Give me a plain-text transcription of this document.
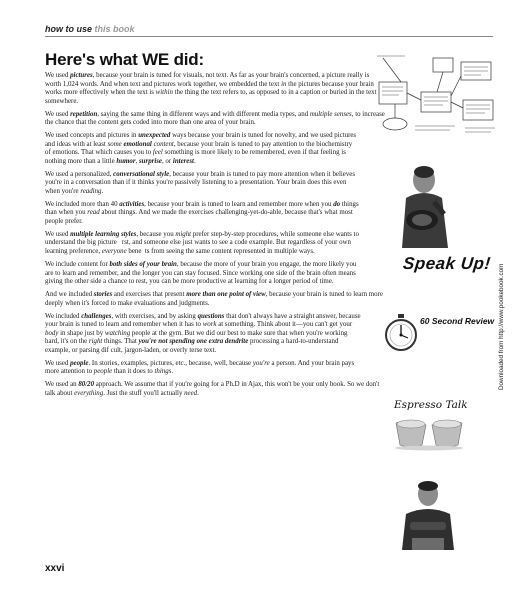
how to use this book
Here's what WE did:

We used pictures, because your brain is tuned for visuals, not text. As far as your brain's concerned, a picture really is worth 1,024 words. And when text and pictures work together, we embedded the text in the pictures because your brain works more effectively when the text is within the thing the text refers to, as opposed to in a caption or buried in the text somewhere.

We used repetition, saying the same thing in different ways and with different media types, and multiple senses, to increase the chance that the content gets coded into more than one area of your brain.

We used concepts and pictures in unexpected ways because your brain is tuned for novelty, and we used pictures and ideas with at least some emotional content, because your brain is tuned to pay attention to the biochemistry of emotions. That which causes you to feel something is more likely to be remembered, even if that feeling is nothing more than a little humor, surprise, or interest.

We used a personalized, conversational style, because your brain is tuned to pay more attention when it believes you're in a conversation than if it thinks you're passively listening to a presentation. Your brain does this even when you're reading.

We included more than 40 activities, because your brain is tuned to learn and remember more when you do things than when you read about things. And we made the exercises challenging-yet-do-able, because that's what most people prefer.

We used multiple learning styles, because you might prefer step-by-step procedures, while someone else wants to understand the big picture   rst, and someone else just wants to see a code example. But regardless of your own learning preference, everyone bene  ts from seeing the same content represented in multiple ways.

We include content for both sides of your brain, because the more of your brain you engage, the more likely you are to learn and remember, and the longer you can stay focused. Since working one side of the brain often means giving the other side a chance to rest, you can be more productive at learning for a longer period of time.

And we included stories and exercises that present more than one point of view, because your brain is tuned to learn more deeply when it's forced to make evaluations and judgments.

We included challenges, with exercises, and by asking questions that don't always have a straight answer, because your brain is tuned to learn and remember when it has to work at something. Think about it—you can't get your body in shape just by watching people at the gym. But we did our best to make sure that when you're working hard, it's on the right things. That you're not spending one extra dendrite processing a hard-to-understand example, or parsing dif cult, jargon-laden, or overly terse text.

We used people. In stories, examples, pictures, etc., because, well, because you're a person. And your brain pays more attention to people than it does to things.

We used an 80/20 approach. We assume that if you're going for a Ph.D in Ajax, this won't be your only book. So we don't talk about everything. Just the stuff you'll actually need.

Speak Up!
60 Second Review
Espresso Talk
xxvi
Downloaded from http://www.pookebook.com
